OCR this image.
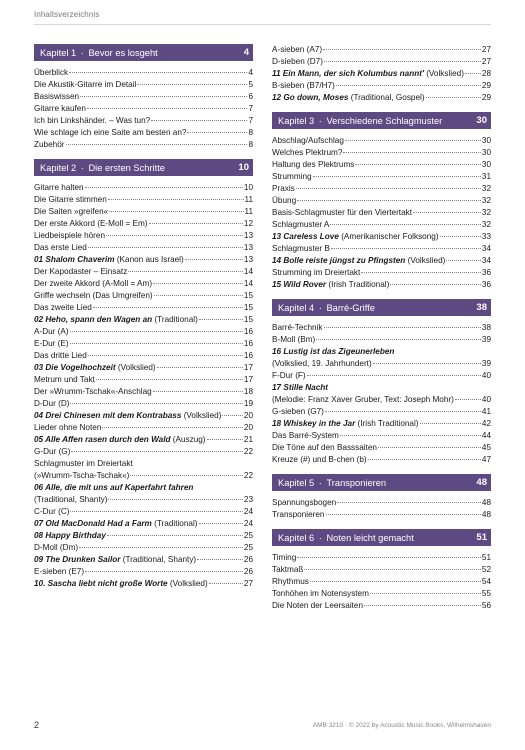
Inhaltsverzeichnis
Kapitel 1 · Bevor es losgeht	4
Überblick	4
Die Akustik-Gitarre im Detail	5
Basiswissen	6
Gitarre kaufen	7
Ich bin Linkshänder. – Was tun?	7
Wie schlage ich eine Saite am besten an?	8
Zubehör	8
Kapitel 2 · Die ersten Schritte	10
Gitarre halten	10
Die Gitarre stimmen	11
Die Saiten »greifen«	11
Der erste Akkord (E-Moll = Em)	12
Liedbeispiele hören	13
Das erste Lied	13
01 Shalom Chaverim (Kanon aus Israel)	13
Der Kapodaster – Einsatz	14
Der zweite Akkord (A-Moll = Am)	14
Griffe wechseln (Das Umgreifen)	15
Das zweite Lied	15
02 Heho, spann den Wagen an (Traditional)	15
A-Dur (A)	16
E-Dur (E)	16
Das dritte Lied	16
03 Die Vogelhochzeit (Volkslied)	17
Metrum und Takt	17
Der »Wrumm-Tschak«-Anschlag	18
D-Dur (D)	19
04 Drei Chinesen mit dem Kontrabass (Volkslied)	20
Lieder ohne Noten	20
05 Alle Affen rasen durch den Wald (Auszug)	21
G-Dur (G)	22
Schlagmuster im Dreiertakt
(»Wrumm-Tscha-Tschak«)	22
06 Alle, die mit uns auf Kaperfahrt fahren
(Traditional, Shanty)	23
C-Dur (C)	24
07 Old MacDonald Had a Farm (Traditional)	24
08 Happy Birthday	25
D-Moll (Dm)	25
09 The Drunken Sailor (Traditional, Shanty)	26
E-sieben (E7)	26
10. Sascha liebt nicht große Worte (Volkslied)	27
A-sieben (A7)	27
D-sieben (D7)	27
11 Ein Mann, der sich Kolumbus nannt' (Volkslied) 28
B-sieben (B7/H7)	29
12 Go down, Moses (Traditional, Gospel)	29
Kapitel 3 · Verschiedene Schlagmuster	30
Abschlag/Aufschlag	30
Welches Plektrum?	30
Haltung des Plektrums	30
Strumming	31
Praxis	32
Übung	32
Basis-Schlagmuster für den Viertertakt	32
Schlagmuster A	32
13 Careless Love (Amerikanischer Folksong)	33
Schlagmuster B	34
14 Bolle reiste jüngst zu Pfingsten (Volkslied)	34
Strumming im Dreiertakt	36
15 Wild Rover (Irish Traditional)	36
Kapitel 4 · Barré-Griffe	38
Barré-Technik	38
B-Moll (Bm)	39
16 Lustig ist das Zigeunerleben
(Volkslied, 19. Jahrhundert)	39
F-Dur (F)	40
17 Stille Nacht
(Melodie: Franz Xaver Gruber, Text: Joseph Mohr)	40
G-sieben (G7)	41
18 Whiskey in the Jar (Irish Traditional)	42
Das Barré-System	44
Die Töne auf den Basssaiten	45
Kreuze (#) und B-chen (b)	47
Kapitel 5 · Transponieren	48
Spannungsbogen	48
Transponieren	48
Kapitel 6 · Noten leicht gemacht	51
Timing	51
Taktmaß	52
Rhythmus	54
Tonhöhen im Notensystem	55
Die Noten der Leersaiten	56
2	AMB 3210 · © 2022 by Acoustic Music Books, Wilhelmshaven
